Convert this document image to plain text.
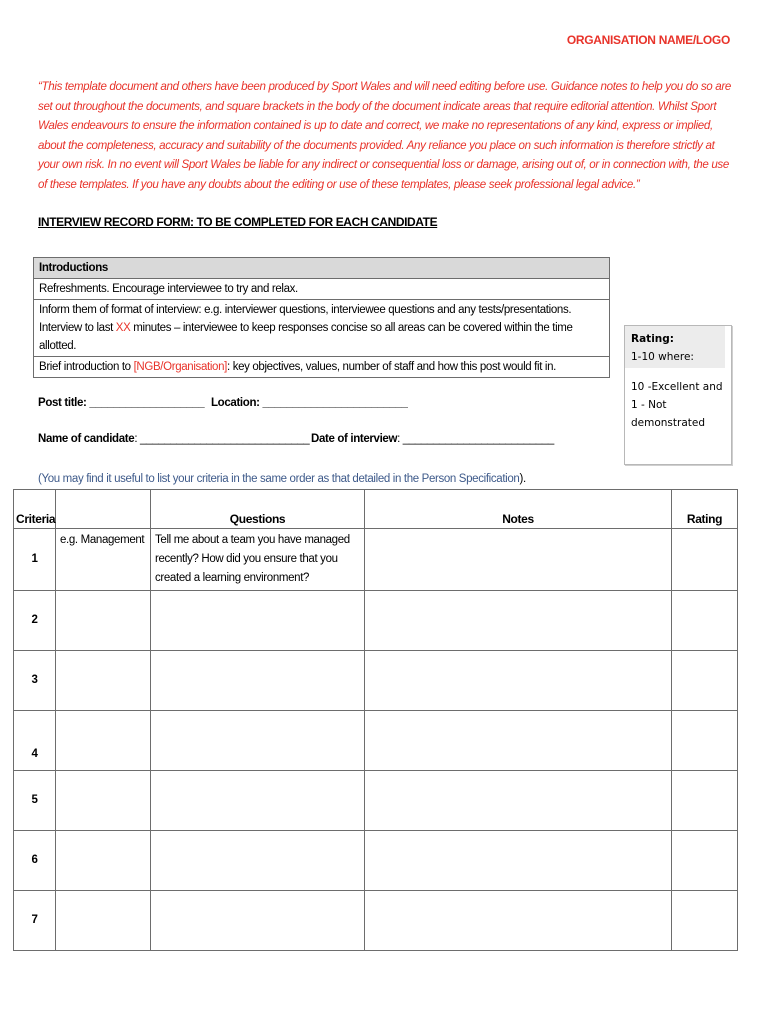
ORGANISATION NAME/LOGO
“This template document and others have been produced by Sport Wales and will need editing before use. Guidance notes to help you do so are set out throughout the documents, and square brackets in the body of the document indicate areas that require editorial attention. Whilst Sport Wales endeavours to ensure the information contained is up to date and correct, we make no representations of any kind, express or implied, about the completeness, accuracy and suitability of the documents provided. Any reliance you place on such information is therefore strictly at your own risk. In no event will Sport Wales be liable for any indirect or consequential loss or damage, arising out of, or in connection with, the use of these templates. If you have any doubts about the editing or use of these templates, please seek professional legal advice.”
INTERVIEW RECORD FORM: TO BE COMPLETED FOR EACH CANDIDATE
Introductions
Refreshments. Encourage interviewee to try and relax.
Inform them of format of interview: e.g. interviewer questions, interviewee questions and any tests/presentations. Interview to last XX minutes – interviewee to keep responses concise so all areas can be covered within the time allotted.
Brief introduction to [NGB/Organisation]: key objectives, values, number of staff and how this post would fit in.
Rating:
1-10 where:
10 -Excellent and
1 - Not demonstrated
Post title: ___________________ Location: ________________________
Name of candidate: ____________________________ Date of interview: _________________________
(You may find it useful to list your criteria in the same order as that detailed in the Person Specification).
Criteria		Questions	Notes	Rating
1	e.g. Management	Tell me about a team you have managed recently? How did you ensure that you created a learning environment?		
2				
3				
4				
5				
6				
7				
